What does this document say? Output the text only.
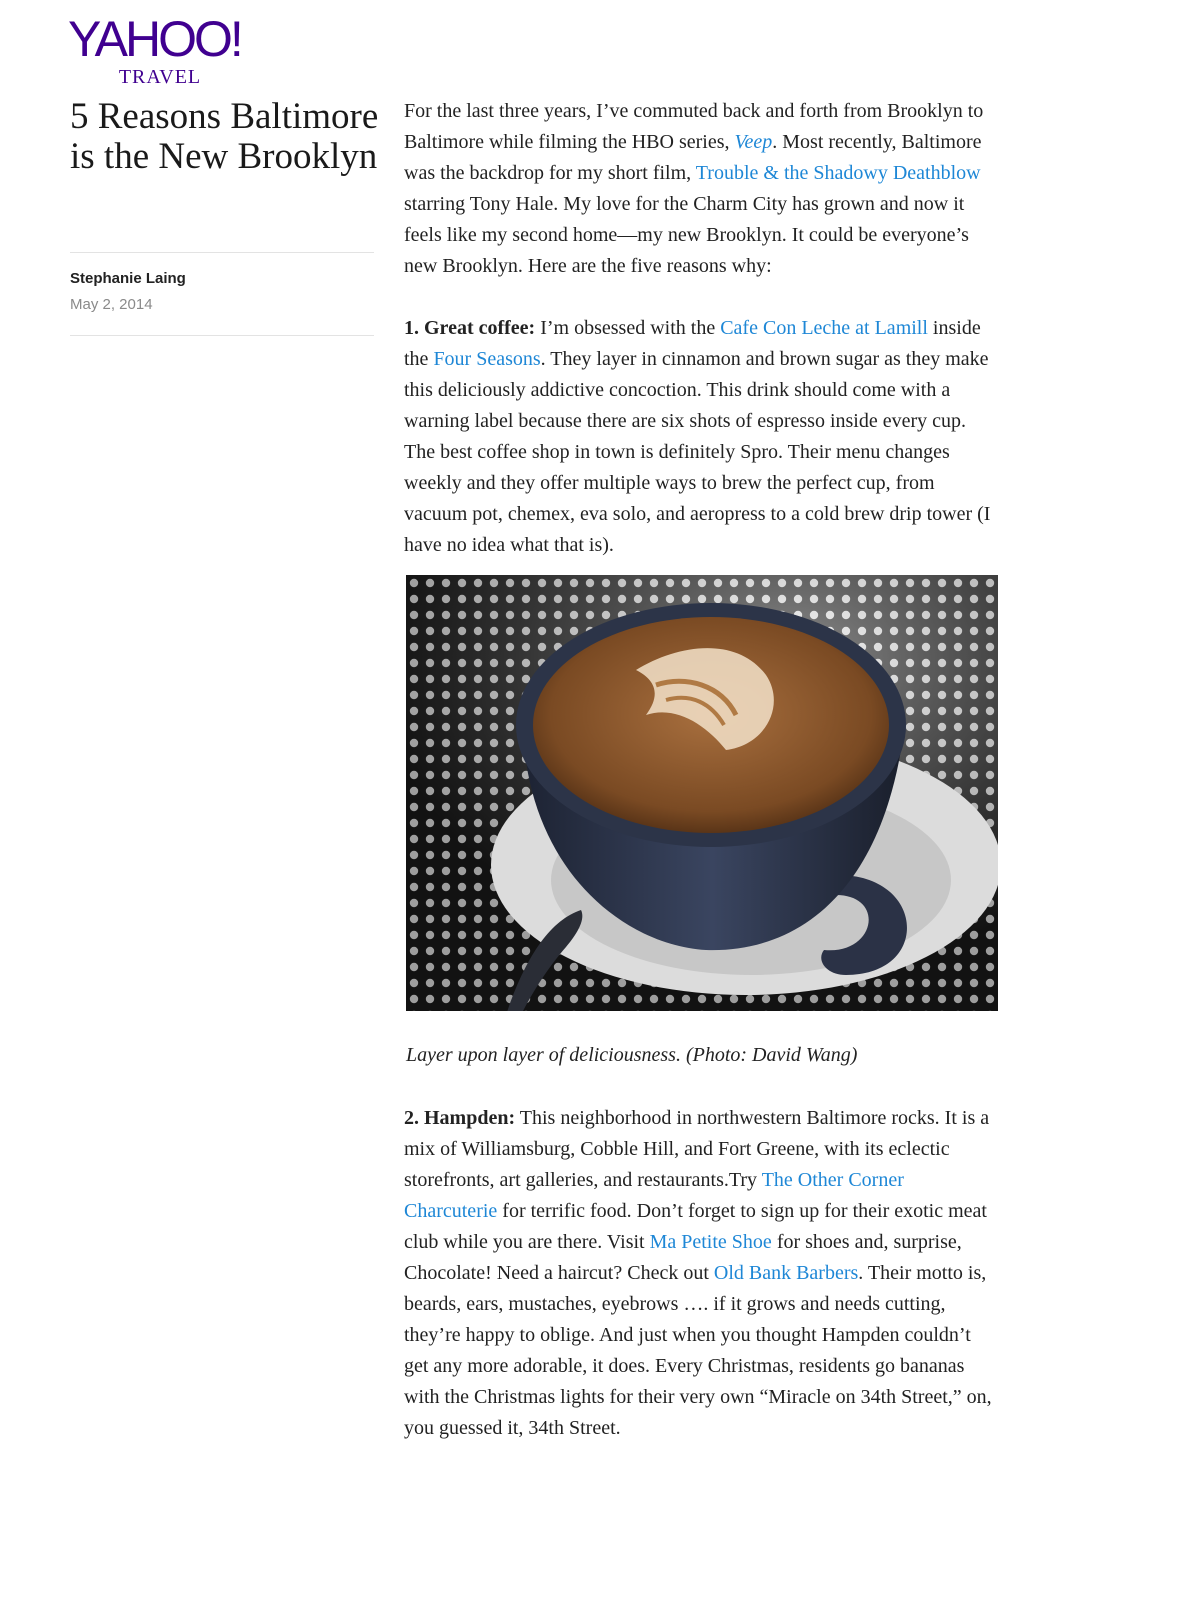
YAHOO!
TRAVEL
5 Reasons Baltimore is the New Brooklyn
Stephanie Laing
May 2, 2014

For the last three years, I’ve commuted back and forth from Brooklyn to Baltimore while filming the HBO series, Veep. Most recently, Baltimore was the backdrop for my short film, Trouble & the Shadowy Deathblow starring Tony Hale. My love for the Charm City has grown and now it feels like my second home—my new Brooklyn. It could be everyone’s new Brooklyn. Here are the five reasons why:

1. Great coffee: I’m obsessed with the Cafe Con Leche at Lamill inside the Four Seasons. They layer in cinnamon and brown sugar as they make this deliciously addictive concoction. This drink should come with a warning label because there are six shots of espresso inside every cup. The best coffee shop in town is definitely Spro. Their menu changes weekly and they offer multiple ways to brew the perfect cup, from vacuum pot, chemex, eva solo, and aeropress to a cold brew drip tower (I have no idea what that is).

Layer upon layer of deliciousness. (Photo: David Wang)

2. Hampden: This neighborhood in northwestern Baltimore rocks. It is a mix of Williamsburg, Cobble Hill, and Fort Greene, with its eclectic storefronts, art galleries, and restaurants.Try The Other Corner Charcuterie for terrific food. Don’t forget to sign up for their exotic meat club while you are there. Visit Ma Petite Shoe for shoes and, surprise, Chocolate! Need a haircut? Check out Old Bank Barbers. Their motto is, beards, ears, mustaches, eyebrows …. if it grows and needs cutting, they’re happy to oblige. And just when you thought Hampden couldn’t get any more adorable, it does. Every Christmas, residents go bananas with the Christmas lights for their very own “Miracle on 34th Street,” on, you guessed it, 34th Street.
